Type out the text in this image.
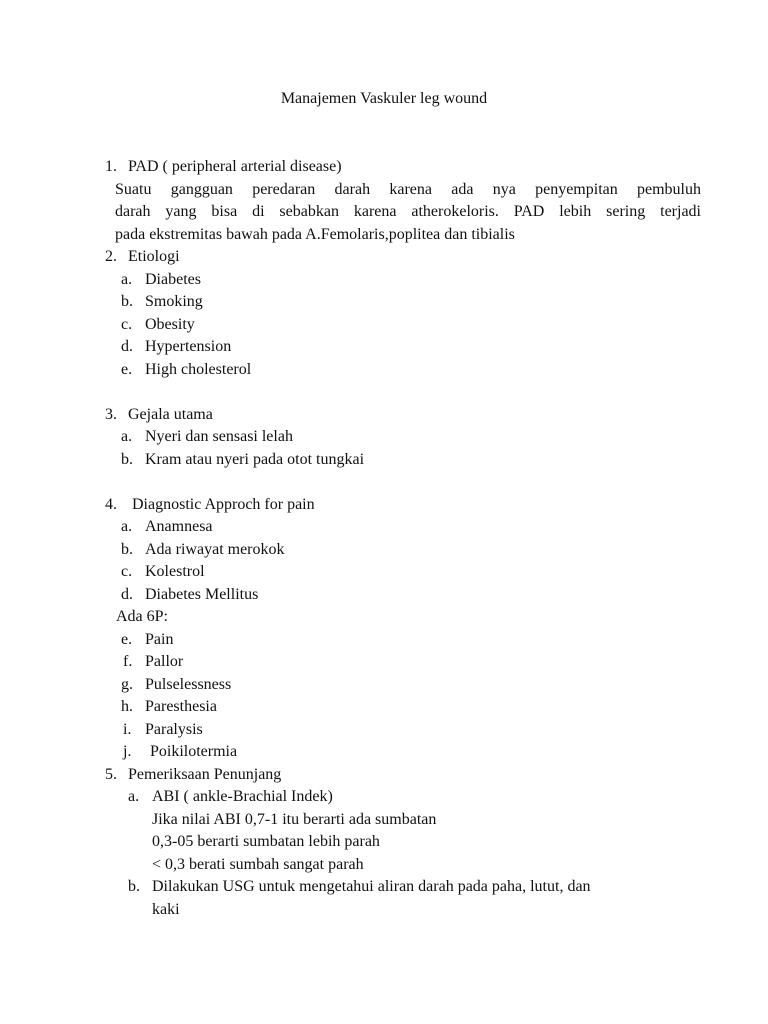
Manajemen Vaskuler leg wound
1. PAD ( peripheral arterial disease)
Suatu gangguan peredaran darah karena ada nya penyempitan pembuluh
darah yang bisa di sebabkan karena atherokeloris. PAD lebih sering terjadi
pada ekstremitas bawah pada A.Femolaris,poplitea dan tibialis
2. Etiologi
a. Diabetes
b. Smoking
c. Obesity
d. Hypertension
e. High cholesterol
3. Gejala utama
a. Nyeri dan sensasi lelah
b. Kram atau nyeri pada otot tungkai
4. Diagnostic Approch for pain
a. Anamnesa
b. Ada riwayat merokok
c. Kolestrol
d. Diabetes Mellitus
Ada 6P:
e. Pain
f. Pallor
g. Pulselessness
h. Paresthesia
i. Paralysis
j. Poikilotermia
5. Pemeriksaan Penunjang
a. ABI ( ankle-Brachial Indek)
Jika nilai ABI 0,7-1 itu berarti ada sumbatan
0,3-05 berarti sumbatan lebih parah
< 0,3 berati sumbah sangat parah
b. Dilakukan USG untuk mengetahui aliran darah pada paha, lutut, dan
kaki
